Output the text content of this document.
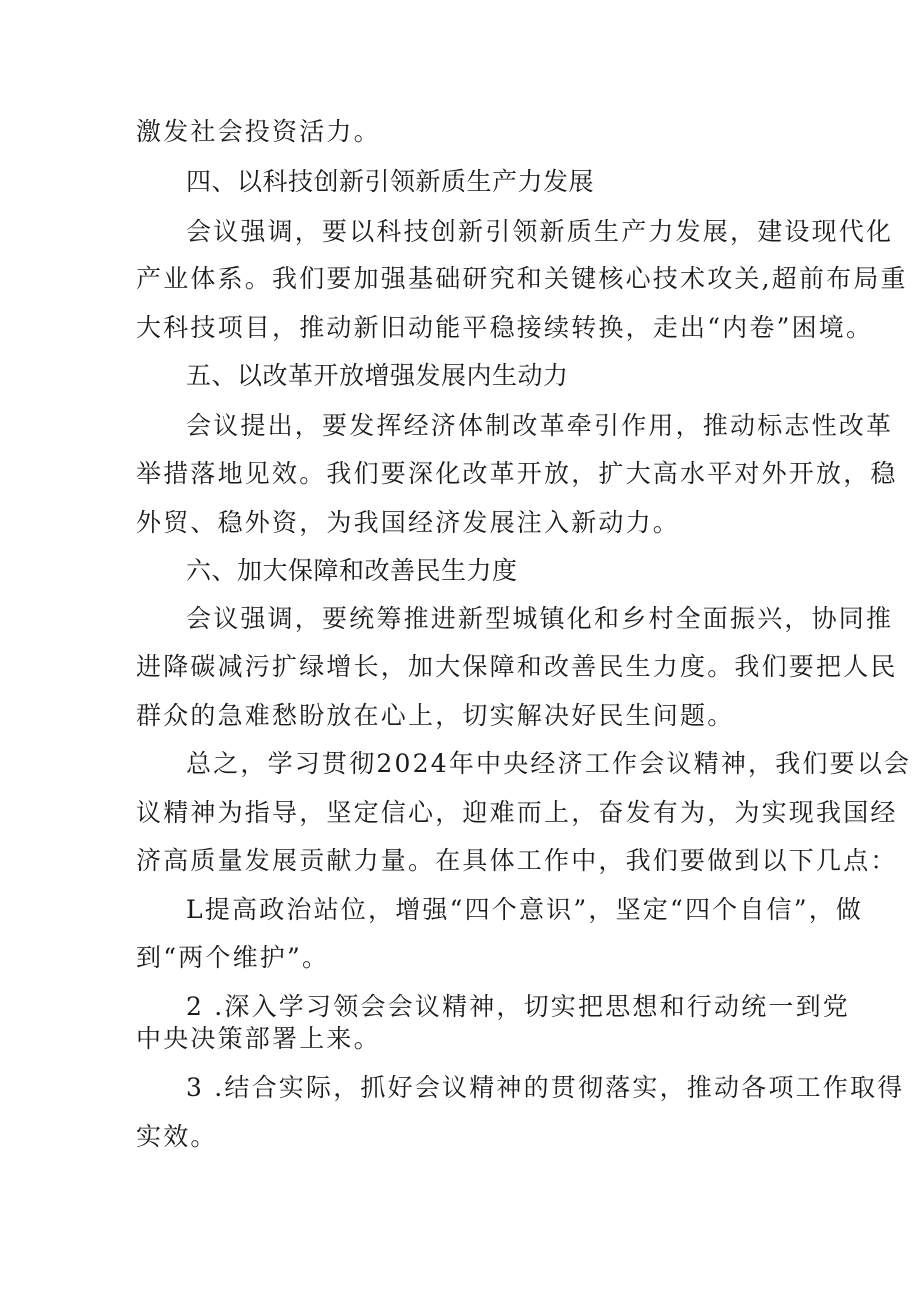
激发社会投资活力。
四、以科技创新引领新质生产力发展
会议强调，要以科技创新引领新质生产力发展，建设现代化
产业体系。我们要加强基础研究和关键核心技术攻关,超前布局重
大科技项目，推动新旧动能平稳接续转换，走出“内卷”困境。
五、以改革开放增强发展内生动力
会议提出，要发挥经济体制改革牵引作用，推动标志性改革
举措落地见效。我们要深化改革开放，扩大高水平对外开放，稳
外贸、稳外资，为我国经济发展注入新动力。
六、加大保障和改善民生力度
会议强调，要统筹推进新型城镇化和乡村全面振兴，协同推
进降碳减污扩绿增长，加大保障和改善民生力度。我们要把人民
群众的急难愁盼放在心上，切实解决好民生问题。
总之，学习贯彻2024年中央经济工作会议精神，我们要以会
议精神为指导，坚定信心，迎难而上，奋发有为，为实现我国经
济高质量发展贡献力量。在具体工作中，我们要做到以下几点：
L提高政治站位，增强“四个意识”，坚定“四个自信”，做
到“两个维护”。
2 .深入学习领会会议精神，切实把思想和行动统一到党
中央决策部署上来。
3 .结合实际，抓好会议精神的贯彻落实，推动各项工作取得
实效。
